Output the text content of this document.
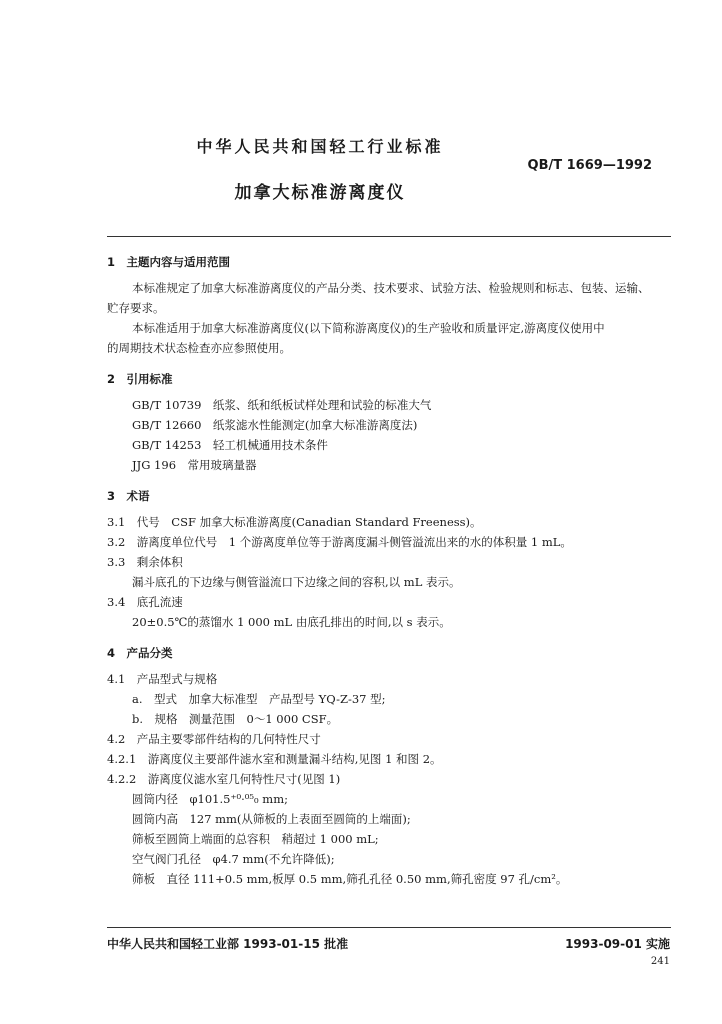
中华人民共和国轻工行业标准
QB/T 1669—1992
加拿大标准游离度仪
1　主题内容与适用范围
本标准规定了加拿大标准游离度仪的产品分类、技术要求、试验方法、检验规则和标志、包装、运输、
贮存要求。
本标准适用于加拿大标准游离度仪(以下简称游离度仪)的生产验收和质量评定,游离度仪使用中
的周期技术状态检查亦应参照使用。
2　引用标准
GB/T 10739　纸浆、纸和纸板试样处理和试验的标准大气
GB/T 12660　纸浆滤水性能测定(加拿大标准游离度法)
GB/T 14253　轻工机械通用技术条件
JJG 196　常用玻璃量器
3　术语
3.1　代号　CSF 加拿大标准游离度(Canadian Standard Freeness)。
3.2　游离度单位代号　1 个游离度单位等于游离度漏斗侧管溢流出来的水的体积量 1 mL。
3.3　剩余体积
漏斗底孔的下边缘与侧管溢流口下边缘之间的容积,以 mL 表示。
3.4　底孔流速
20±0.5℃的蒸馏水 1 000 mL 由底孔排出的时间,以 s 表示。
4　产品分类
4.1　产品型式与规格
a.　型式　加拿大标准型　产品型号 YQ-Z-37 型;
b.　规格　测量范围　0～1 000 CSF。
4.2　产品主要零部件结构的几何特性尺寸
4.2.1　游离度仪主要部件滤水室和测量漏斗结构,见图 1 和图 2。
4.2.2　游离度仪滤水室几何特性尺寸(见图 1)
圆筒内径　φ101.5⁺⁰·⁰⁵₀ mm;
圆筒内高　127 mm(从筛板的上表面至圆筒的上端面);
筛板至圆筒上端面的总容积　稍超过 1 000 mL;
空气阀门孔径　φ4.7 mm(不允许降低);
筛板　直径 111+0.5 mm,板厚 0.5 mm,筛孔孔径 0.50 mm,筛孔密度 97 孔/cm²。
中华人民共和国轻工业部 1993-01-15 批准	1993-09-01 实施
241
